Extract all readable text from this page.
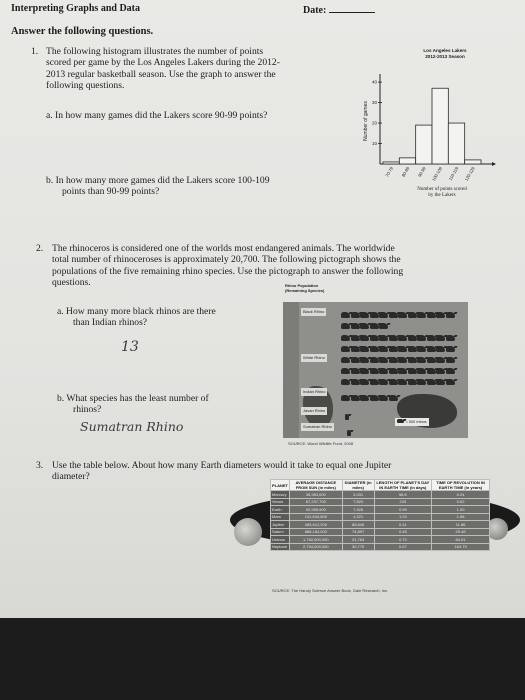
Interpreting Graphs and Data	Date:
Answer the following questions.
1. The following histogram illustrates the number of points
scored per game by the Los Angeles Lakers during the 2012-
2013 regular basketball season. Use the graph to answer the
following questions.
a. In how many games did the Lakers score 90-99 points?
b. In how many more games did the Lakers score 100-109
points than 90-99 points?
Los Angeles Lakers
2012-2013 Season
10
20
30
40
Number of games
70-79 80-89 90-99 100-109 110-119 120-129
Number of points scored by the Lakers
2. The rhinoceros is considered one of the worlds most endangered animals. The worldwide
total number of rhinoceroses is approximately 20,700. The following pictograph shows the
populations of the five remaining rhino species. Use the pictograph to answer the following
questions.
a. How many more black rhinos are there
than Indian rhinos?
13
b. What species has the least number of
rhinos?
Sumatran Rhino
Rhino Population
(Remaining Species)
Black Rhino
White Rhino
Indian Rhino
Javan Rhino
Sumatran Rhino
= 500 rhinos
SOURCE: World Wildlife Fund, 2008
3. Use the table below. About how many Earth diameters would it take to equal one Jupiter
diameter?
PLANET	AVERAGE DISTANCE FROM SUN (in miles)	DIAMETER (in miles)	LENGTH OF PLANET'S DAY IN EARTH TIME (in days)	TIME OF REVOLUTION IN EARTH TIME (in years)
Mercury	35,983,000	3,031	58.6	0.24
Venus	67,237,700	7,520	243	0.62
Earth	92,955,900	7,926	0.99	1.00
Mars	141,634,800	4,221	1.03	1.88
Jupiter	483,612,200	88,846	0.41	11.86
Saturn	888,184,000	74,897	0.45	29.46
Uranus	1,782,000,000	31,763	0.72	84.01
Neptune	2,794,000,000	30,775	0.67	164.79
SOURCE: The Handy Science Answer Book, Gale Research, Inc.
